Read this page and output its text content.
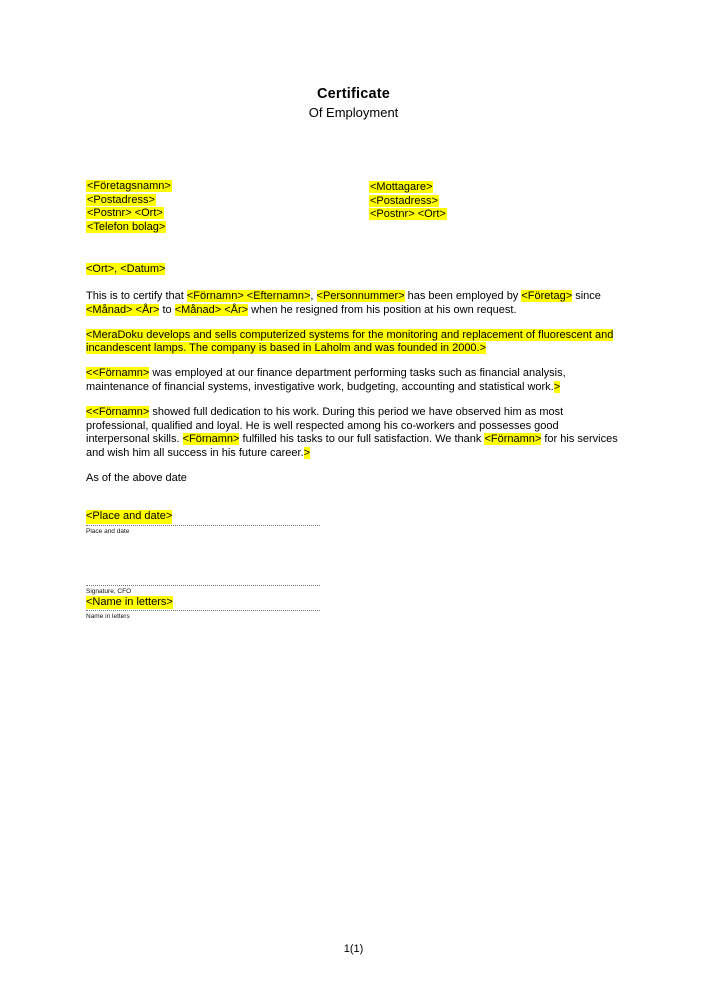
Certificate
Of Employment
<Företagsnamn>
<Postadress>
<Postnr> <Ort>
<Telefon bolag>
<Mottagare>
<Postadress>
<Postnr> <Ort>
<Ort>, <Datum>

This is to certify that <Förnamn> <Efternamn>, <Personnummer> has been employed by <Företag> since <Månad> <År> to <Månad> <År> when he resigned from his position at his own request.

<MeraDoku develops and sells computerized systems for the monitoring and replacement of fluorescent and incandescent lamps. The company is based in Laholm and was founded in 2000.>

<<Förnamn> was employed at our finance department performing tasks such as financial analysis, maintenance of financial systems, investigative work, budgeting, accounting and statistical work.>

<<Förnamn> showed full dedication to his work. During this period we have observed him as most professional, qualified and loyal. He is well respected among his co-workers and possesses good interpersonal skills. <Förnamn> fulfilled his tasks to our full satisfaction. We thank <Förnamn> for his services and wish him all success in his future career.>

As of the above date

<Place and date>
Place and date
Signature, CFO
<Name in letters>
Name in letters
1(1)
